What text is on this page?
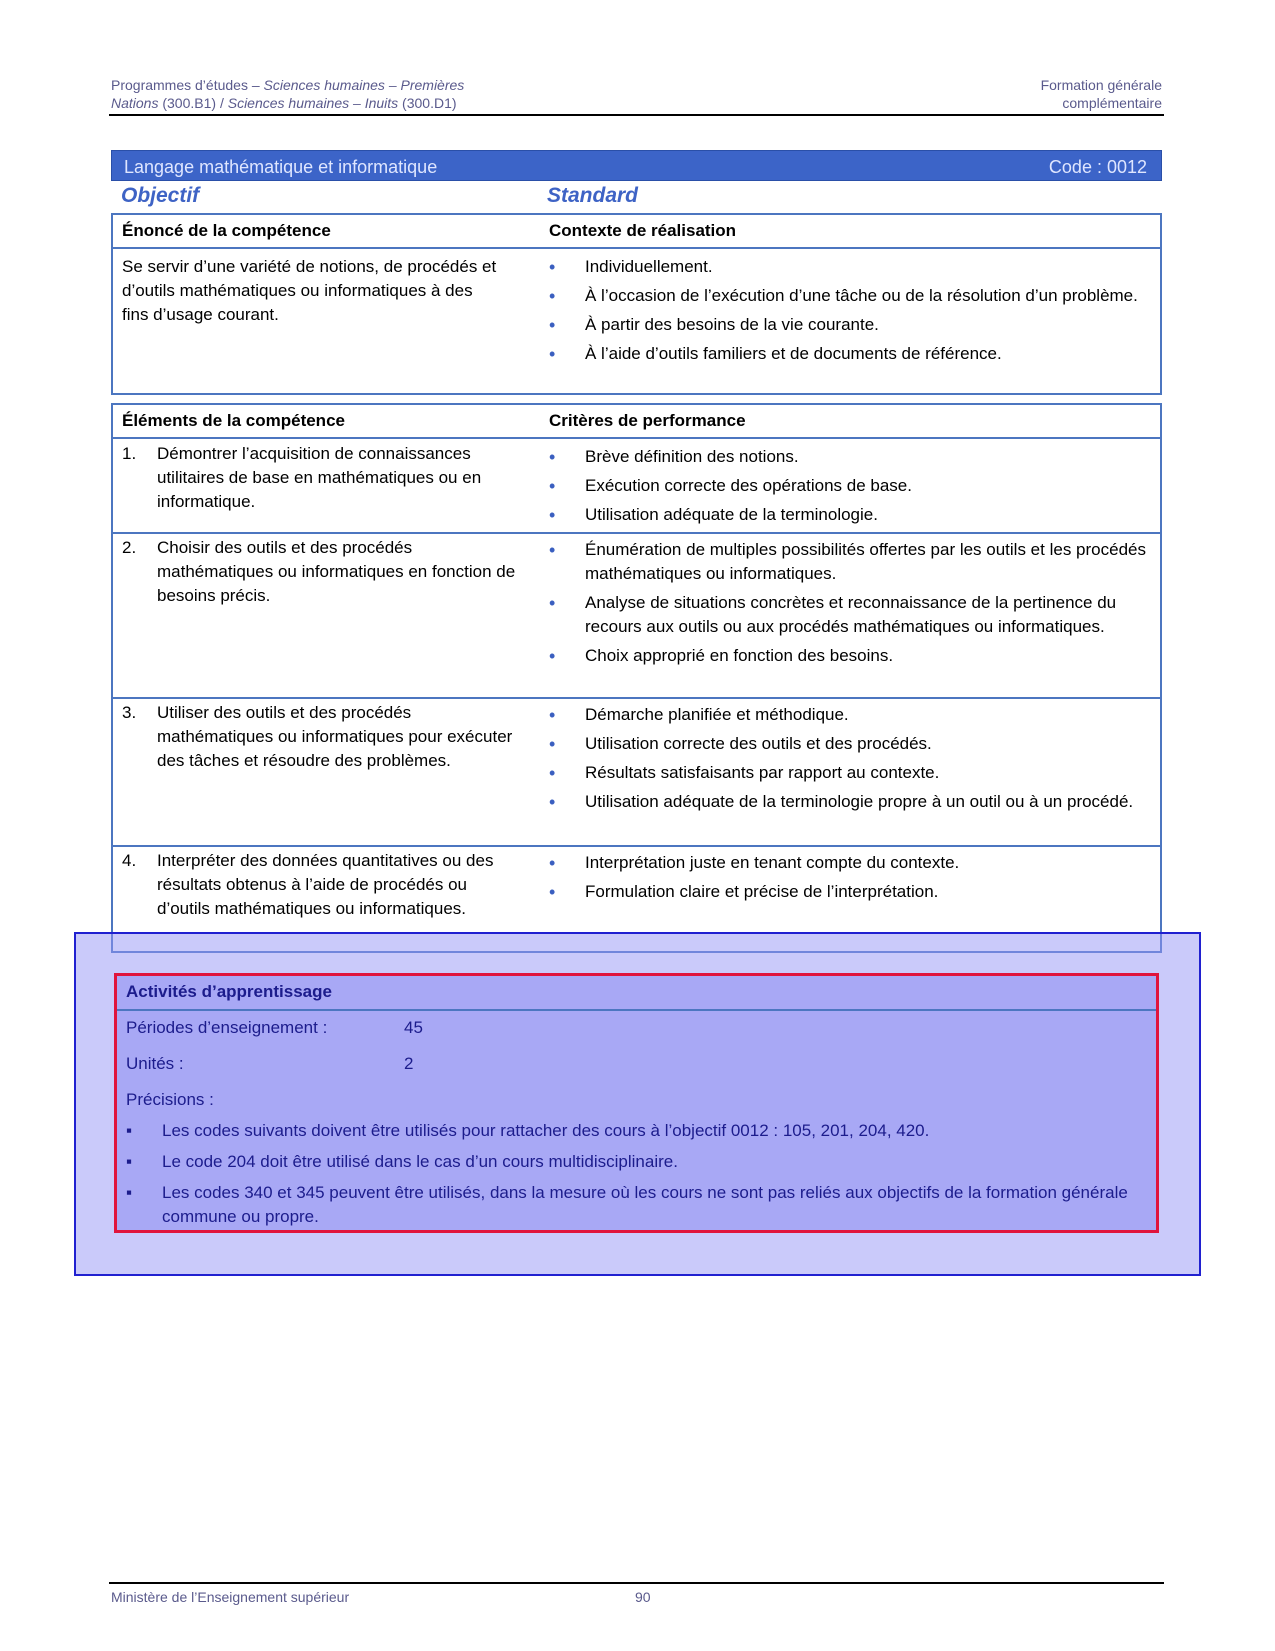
Programmes d’études – Sciences humaines – Premières
Nations (300.B1) / Sciences humaines – Inuits (300.D1)
Formation générale
complémentaire
Langage mathématique et informatique	Code : 0012
Objectif	Standard
Énoncé de la compétence	Contexte de réalisation
Se servir d’une variété de notions, de procédés et d’outils mathématiques ou informatiques à des fins d’usage courant.
• Individuellement.
• À l’occasion de l’exécution d’une tâche ou de la résolution d’un problème.
• À partir des besoins de la vie courante.
• À l’aide d’outils familiers et de documents de référence.
Éléments de la compétence	Critères de performance
1. Démontrer l’acquisition de connaissances utilitaires de base en mathématiques ou en informatique.
• Brève définition des notions.
• Exécution correcte des opérations de base.
• Utilisation adéquate de la terminologie.
2. Choisir des outils et des procédés mathématiques ou informatiques en fonction de besoins précis.
• Énumération de multiples possibilités offertes par les outils et les procédés mathématiques ou informatiques.
• Analyse de situations concrètes et reconnaissance de la pertinence du recours aux outils ou aux procédés mathématiques ou informatiques.
• Choix approprié en fonction des besoins.
3. Utiliser des outils et des procédés mathématiques ou informatiques pour exécuter des tâches et résoudre des problèmes.
• Démarche planifiée et méthodique.
• Utilisation correcte des outils et des procédés.
• Résultats satisfaisants par rapport au contexte.
• Utilisation adéquate de la terminologie propre à un outil ou à un procédé.
4. Interpréter des données quantitatives ou des résultats obtenus à l’aide de procédés ou d’outils mathématiques ou informatiques.
• Interprétation juste en tenant compte du contexte.
• Formulation claire et précise de l’interprétation.
Activités d’apprentissage
Périodes d’enseignement :	45
Unités :	2
Précisions :
▪ Les codes suivants doivent être utilisés pour rattacher des cours à l’objectif 0012 : 105, 201, 204, 420.
▪ Le code 204 doit être utilisé dans le cas d’un cours multidisciplinaire.
▪ Les codes 340 et 345 peuvent être utilisés, dans la mesure où les cours ne sont pas reliés aux objectifs de la formation générale commune ou propre.
Ministère de l’Enseignement supérieur	90
